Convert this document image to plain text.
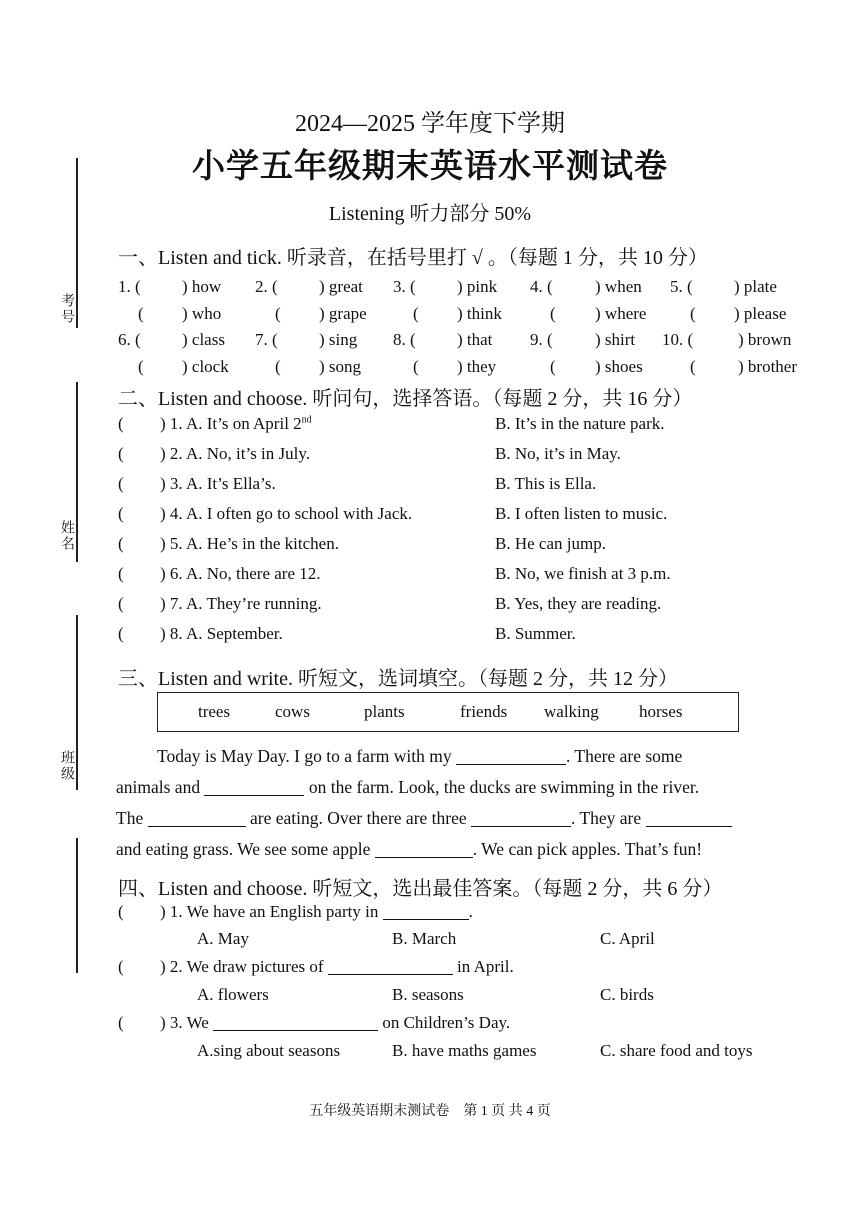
考号
姓名
班级
2024—2025 学年度下学期
小学五年级期末英语水平测试卷
Listening 听力部分 50%
一、Listen and tick. 听录音，在括号里打 √ 。（每题 1 分，共 10 分）
1. ( ) how 2. ( ) great 3. ( ) pink 4. ( ) when 5. ( ) plate
( ) who	( ) grape	( ) think	( ) where	( ) please
6. ( ) class 7. ( ) sing 8. ( ) that 9. ( ) shirt 10. (	) brown
( ) clock	( ) song	( ) they	( ) shoes	( ) brother
二、Listen and choose. 听问句，选择答语。（每题 2 分，共 16 分）
( ) 1. A. It’s on April 2nd	B. It’s in the nature park.
( ) 2. A. No, it’s in July.	B. No, it’s in May.
( ) 3. A. It’s Ella’s.	B. This is Ella.
( ) 4. A. I often go to school with Jack.	B. I often listen to music.
( ) 5. A. He’s in the kitchen.	B. He can jump.
( ) 6. A. No, there are 12.	B. No, we finish at 3 p.m.
( ) 7. A. They’re running.	B. Yes, they are reading.
( ) 8. A. September.	B. Summer.
三、Listen and write. 听短文，选词填空。（每题 2 分，共 12 分）
trees	cows	plants	friends walking horses
Today is May Day. I go to a farm with my	. There are some
animals and	on the farm. Look, the ducks are swimming in the river.
The	are eating. Over there are three	. They are
and eating grass. We see some apple	. We can pick apples. That’s fun!
四、Listen and choose. 听短文，选出最佳答案。（每题 2 分，共 6 分）
( ) 1. We have an English party in	.
A. May	B. March	C. April
( ) 2. We draw pictures of	in April.
A. flowers	B. seasons	C. birds
( ) 3. We	on Children’s Day.
A.sing about seasons	B. have maths games	C. share food and toys
五年级英语期末测试卷　第 1 页 共 4 页
